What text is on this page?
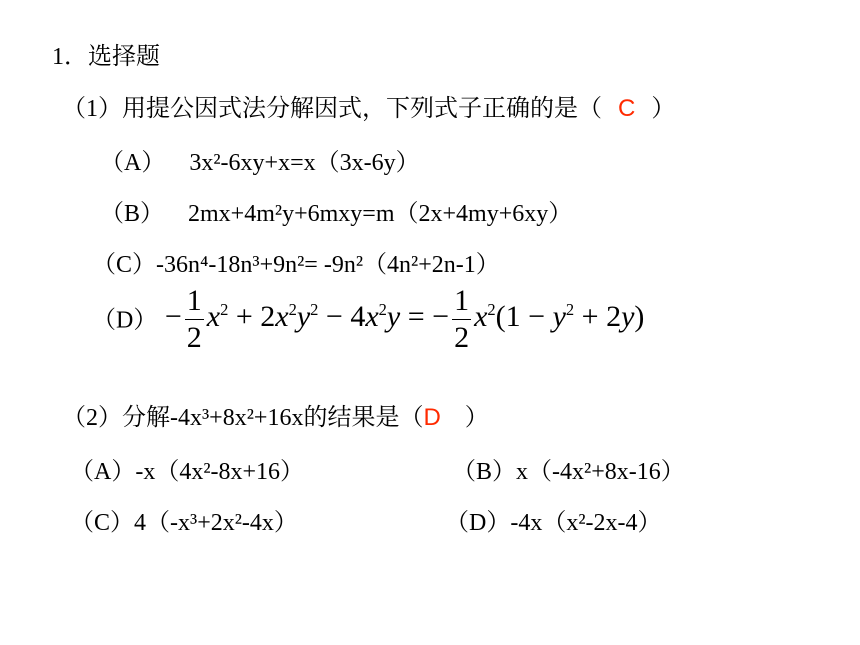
1．选择题
（1）用提公因式法分解因式，下列式子正确的是（ C ）
（A） 3x²-6xy+x=x（3x-6y）
（B） 2mx+4m²y+6mxy=m（2x+4my+6xy）
（C）-36n⁴-18n³+9n²= -9n²（4n²+2n-1）
$(D) - \frac{1}{2} x^2 + 2x^2y^2 - 4x^2y$ = − $\frac{1}{2} x^2(1 - y^2 + 2y)$
（2）分解-4x³+8x²+16x的结果是（D ）
（A）-x（4x²-8x+16）	（B）x（-4x²+8x-16）
（C）4（-x³+2x²-4x）	（D）-4x（x²-2x-4）
